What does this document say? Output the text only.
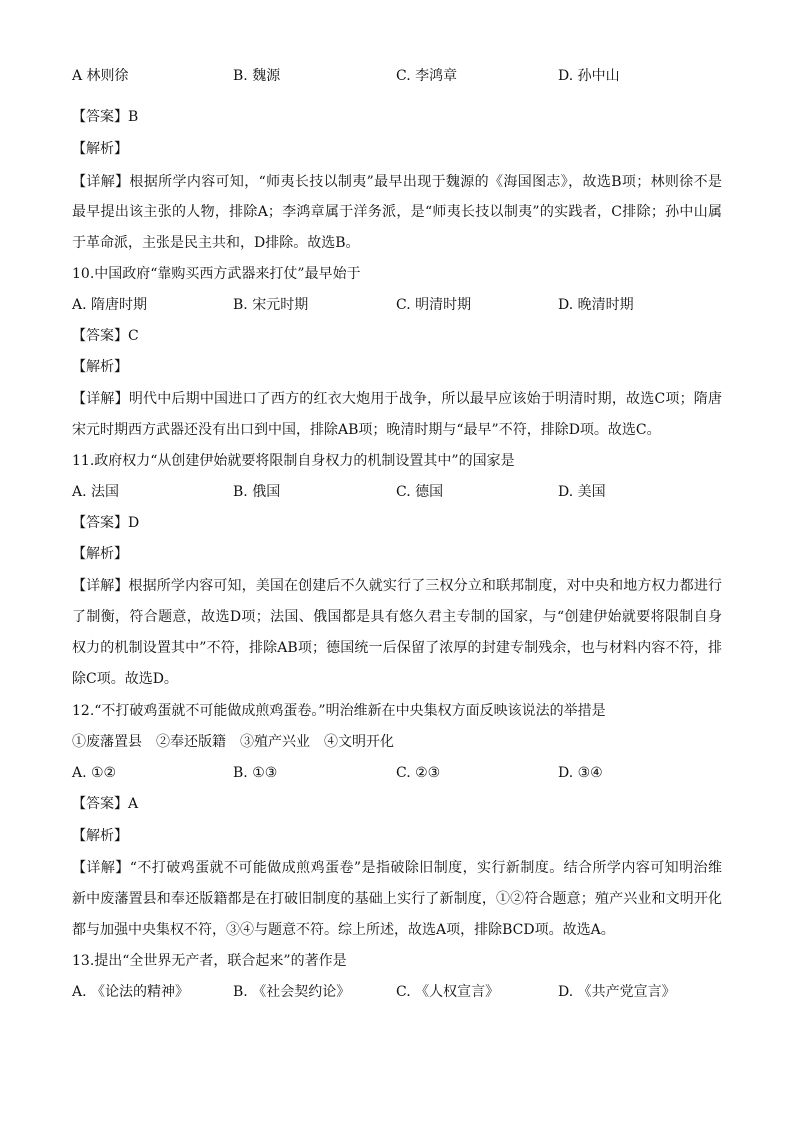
A 林则徐	B. 魏源	C. 李鸿章	D. 孙中山
【答案】B
【解析】
【详解】根据所学内容可知，“师夷长技以制夷”最早出现于魏源的《海国图志》，故选B项；林则徐不是
最早提出该主张的人物，排除A；李鸿章属于洋务派，是“师夷长技以制夷”的实践者，C排除；孙中山属
于革命派，主张是民主共和，D排除。故选B。
10.中国政府“靠购买西方武器来打仗”最早始于
A. 隋唐时期	B. 宋元时期	C. 明清时期	D. 晚清时期
【答案】C
【解析】
【详解】明代中后期中国进口了西方的红衣大炮用于战争，所以最早应该始于明清时期，故选C项；隋唐
宋元时期西方武器还没有出口到中国，排除AB项；晚清时期与“最早”不符，排除D项。故选C。
11.政府权力“从创建伊始就要将限制自身权力的机制设置其中”的国家是
A. 法国	B. 俄国	C. 德国	D. 美国
【答案】D
【解析】
【详解】根据所学内容可知，美国在创建后不久就实行了三权分立和联邦制度，对中央和地方权力都进行
了制衡，符合题意，故选D项；法国、俄国都是具有悠久君主专制的国家，与“创建伊始就要将限制自身
权力的机制设置其中”不符，排除AB项；德国统一后保留了浓厚的封建专制残余，也与材料内容不符，排
除C项。故选D。
12.“不打破鸡蛋就不可能做成煎鸡蛋卷。”明治维新在中央集权方面反映该说法的举措是
①废藩置县　②奉还版籍　③殖产兴业　④文明开化
A. ①②	B. ①③	C. ②③	D. ③④
【答案】A
【解析】
【详解】“不打破鸡蛋就不可能做成煎鸡蛋卷”是指破除旧制度，实行新制度。结合所学内容可知明治维
新中废藩置县和奉还版籍都是在打破旧制度的基础上实行了新制度，①②符合题意；殖产兴业和文明开化
都与加强中央集权不符，③④与题意不符。综上所述，故选A项，排除BCD项。故选A。
13.提出“全世界无产者，联合起来”的著作是
A. 《论法的精神》	B. 《社会契约论》	C. 《人权宣言》	D. 《共产党宣言》
